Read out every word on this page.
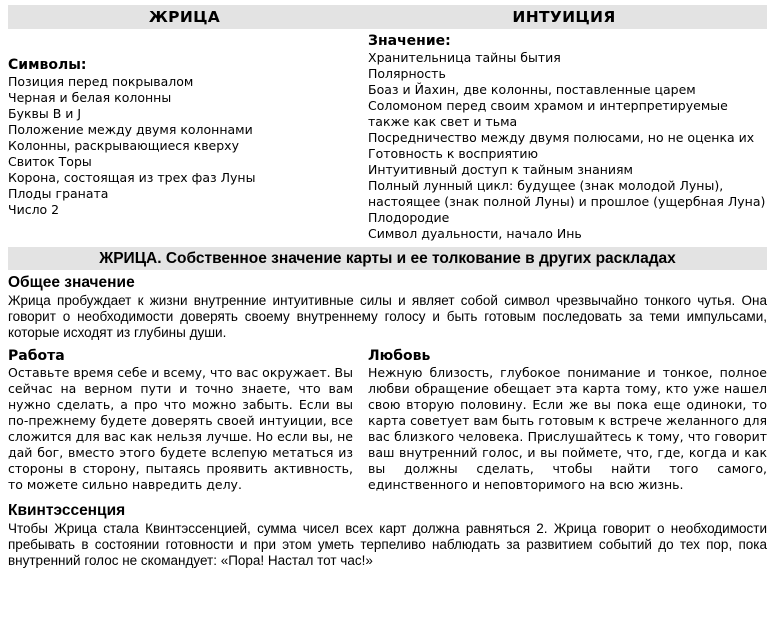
ЖРИЦА	ИНТУИЦИЯ
Символы:
Позиция перед покрывалом
Черная и белая колонны
Буквы B и J
Положение между двумя колоннами
Колонны, раскрывающиеся кверху
Свиток Торы
Корона, состоящая из трех фаз Луны
Плоды граната
Число 2
Значение:
Хранительница тайны бытия
Полярность
Боаз и Йахин, две колонны, поставленные царем Соломоном перед своим храмом и интерпретируемые также как свет и тьма
Посредничество между двумя полюсами, но не оценка их
Готовность к восприятию
Интуитивный доступ к тайным знаниям
Полный лунный цикл: будущее (знак молодой Луны), настоящее (знак полной Луны) и прошлое (ущербная Луна)
Плодородие
Символ дуальности, начало Инь
ЖРИЦА. Собственное значение карты и ее толкование в других раскладах
Общее значение
Жрица пробуждает к жизни внутренние интуитивные силы и являет собой символ чрезвычайно тонкого чутья. Она говорит о необходимости доверять своему внутреннему голосу и быть готовым последовать за теми импульсами, которые исходят из глубины души.
Работа
Оставьте время себе и всему, что вас окружает. Вы сейчас на верном пути и точно знаете, что вам нужно сделать, а про что можно забыть. Если вы по-прежнему будете доверять своей интуиции, все сложится для вас как нельзя лучше. Но если вы, не дай бог, вместо этого будете вслепую метаться из стороны в сторону, пытаясь проявить активность, то можете сильно навредить делу.
Любовь
Нежную близость, глубокое понимание и тонкое, полное любви обращение обещает эта карта тому, кто уже нашел свою вторую половину. Если же вы пока еще одиноки, то карта советует вам быть готовым к встрече желанного для вас близкого человека. Прислушайтесь к тому, что говорит ваш внутренний голос, и вы поймете, что, где, когда и как вы должны сделать, чтобы найти того самого, единственного и неповторимого на всю жизнь.
Квинтэссенция
Чтобы Жрица стала Квинтэссенцией, сумма чисел всех карт должна равняться 2. Жрица говорит о необходимости пребывать в состоянии готовности и при этом уметь терпеливо наблюдать за развитием событий до тех пор, пока внутренний голос не скомандует: «Пора! Настал тот час!»
